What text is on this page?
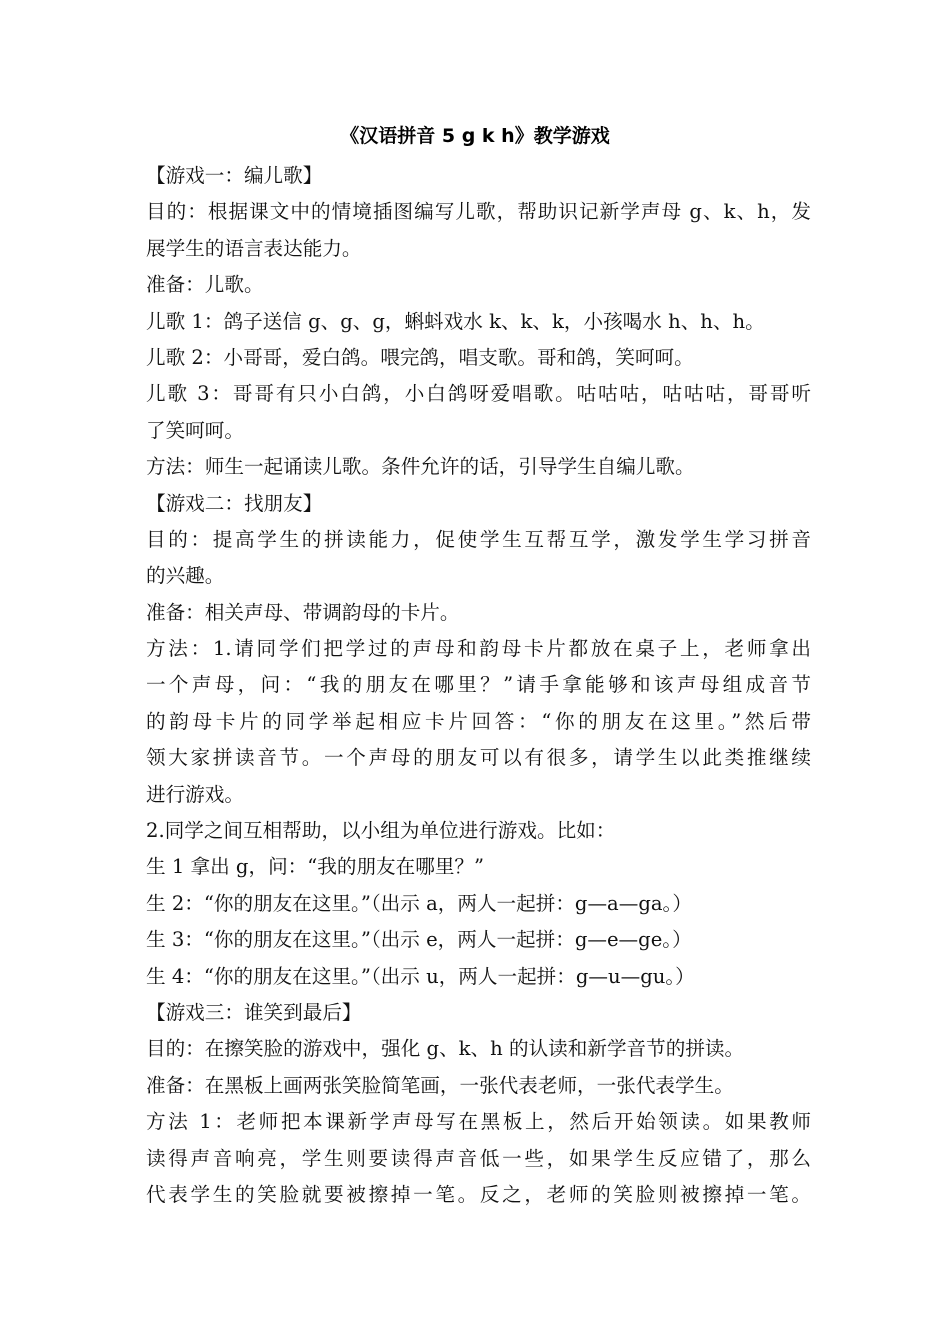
《汉语拼音 5 g k h》教学游戏
【游戏一：编儿歌】
目的：根据课文中的情境插图编写儿歌，帮助识记新学声母 g、k、h，发
展学生的语言表达能力。
准备：儿歌。
儿歌 1：鸽子送信 g、g、g，蝌蚪戏水 k、k、k，小孩喝水 h、h、h。
儿歌 2：小哥哥，爱白鸽。喂完鸽，唱支歌。哥和鸽，笑呵呵。
儿歌 3：哥哥有只小白鸽，小白鸽呀爱唱歌。咕咕咕，咕咕咕，哥哥听
了笑呵呵。
方法：师生一起诵读儿歌。条件允许的话，引导学生自编儿歌。
【游戏二：找朋友】
目的：提高学生的拼读能力，促使学生互帮互学，激发学生学习拼音
的兴趣。
准备：相关声母、带调韵母的卡片。
方法：1.请同学们把学过的声母和韵母卡片都放在桌子上，老师拿出
一个声母，问：“我的朋友在哪里？”请手拿能够和该声母组成音节
的韵母卡片的同学举起相应卡片回答：“你的朋友在这里。”然后带
领大家拼读音节。一个声母的朋友可以有很多，请学生以此类推继续
进行游戏。
2.同学之间互相帮助，以小组为单位进行游戏。比如：
生 1 拿出 g，问：“我的朋友在哪里？”
生 2：“你的朋友在这里。”（出示 a，两人一起拼：g—a—ga。）
生 3：“你的朋友在这里。”（出示 e，两人一起拼：g—e—ge。）
生 4：“你的朋友在这里。”（出示 u，两人一起拼：g—u—gu。）
【游戏三：谁笑到最后】
目的：在擦笑脸的游戏中，强化 g、k、h 的认读和新学音节的拼读。
准备：在黑板上画两张笑脸简笔画，一张代表老师，一张代表学生。
方法 1：老师把本课新学声母写在黑板上，然后开始领读。如果教师
读得声音响亮，学生则要读得声音低一些，如果学生反应错了，那么
代表学生的笑脸就要被擦掉一笔。反之，老师的笑脸则被擦掉一笔。
